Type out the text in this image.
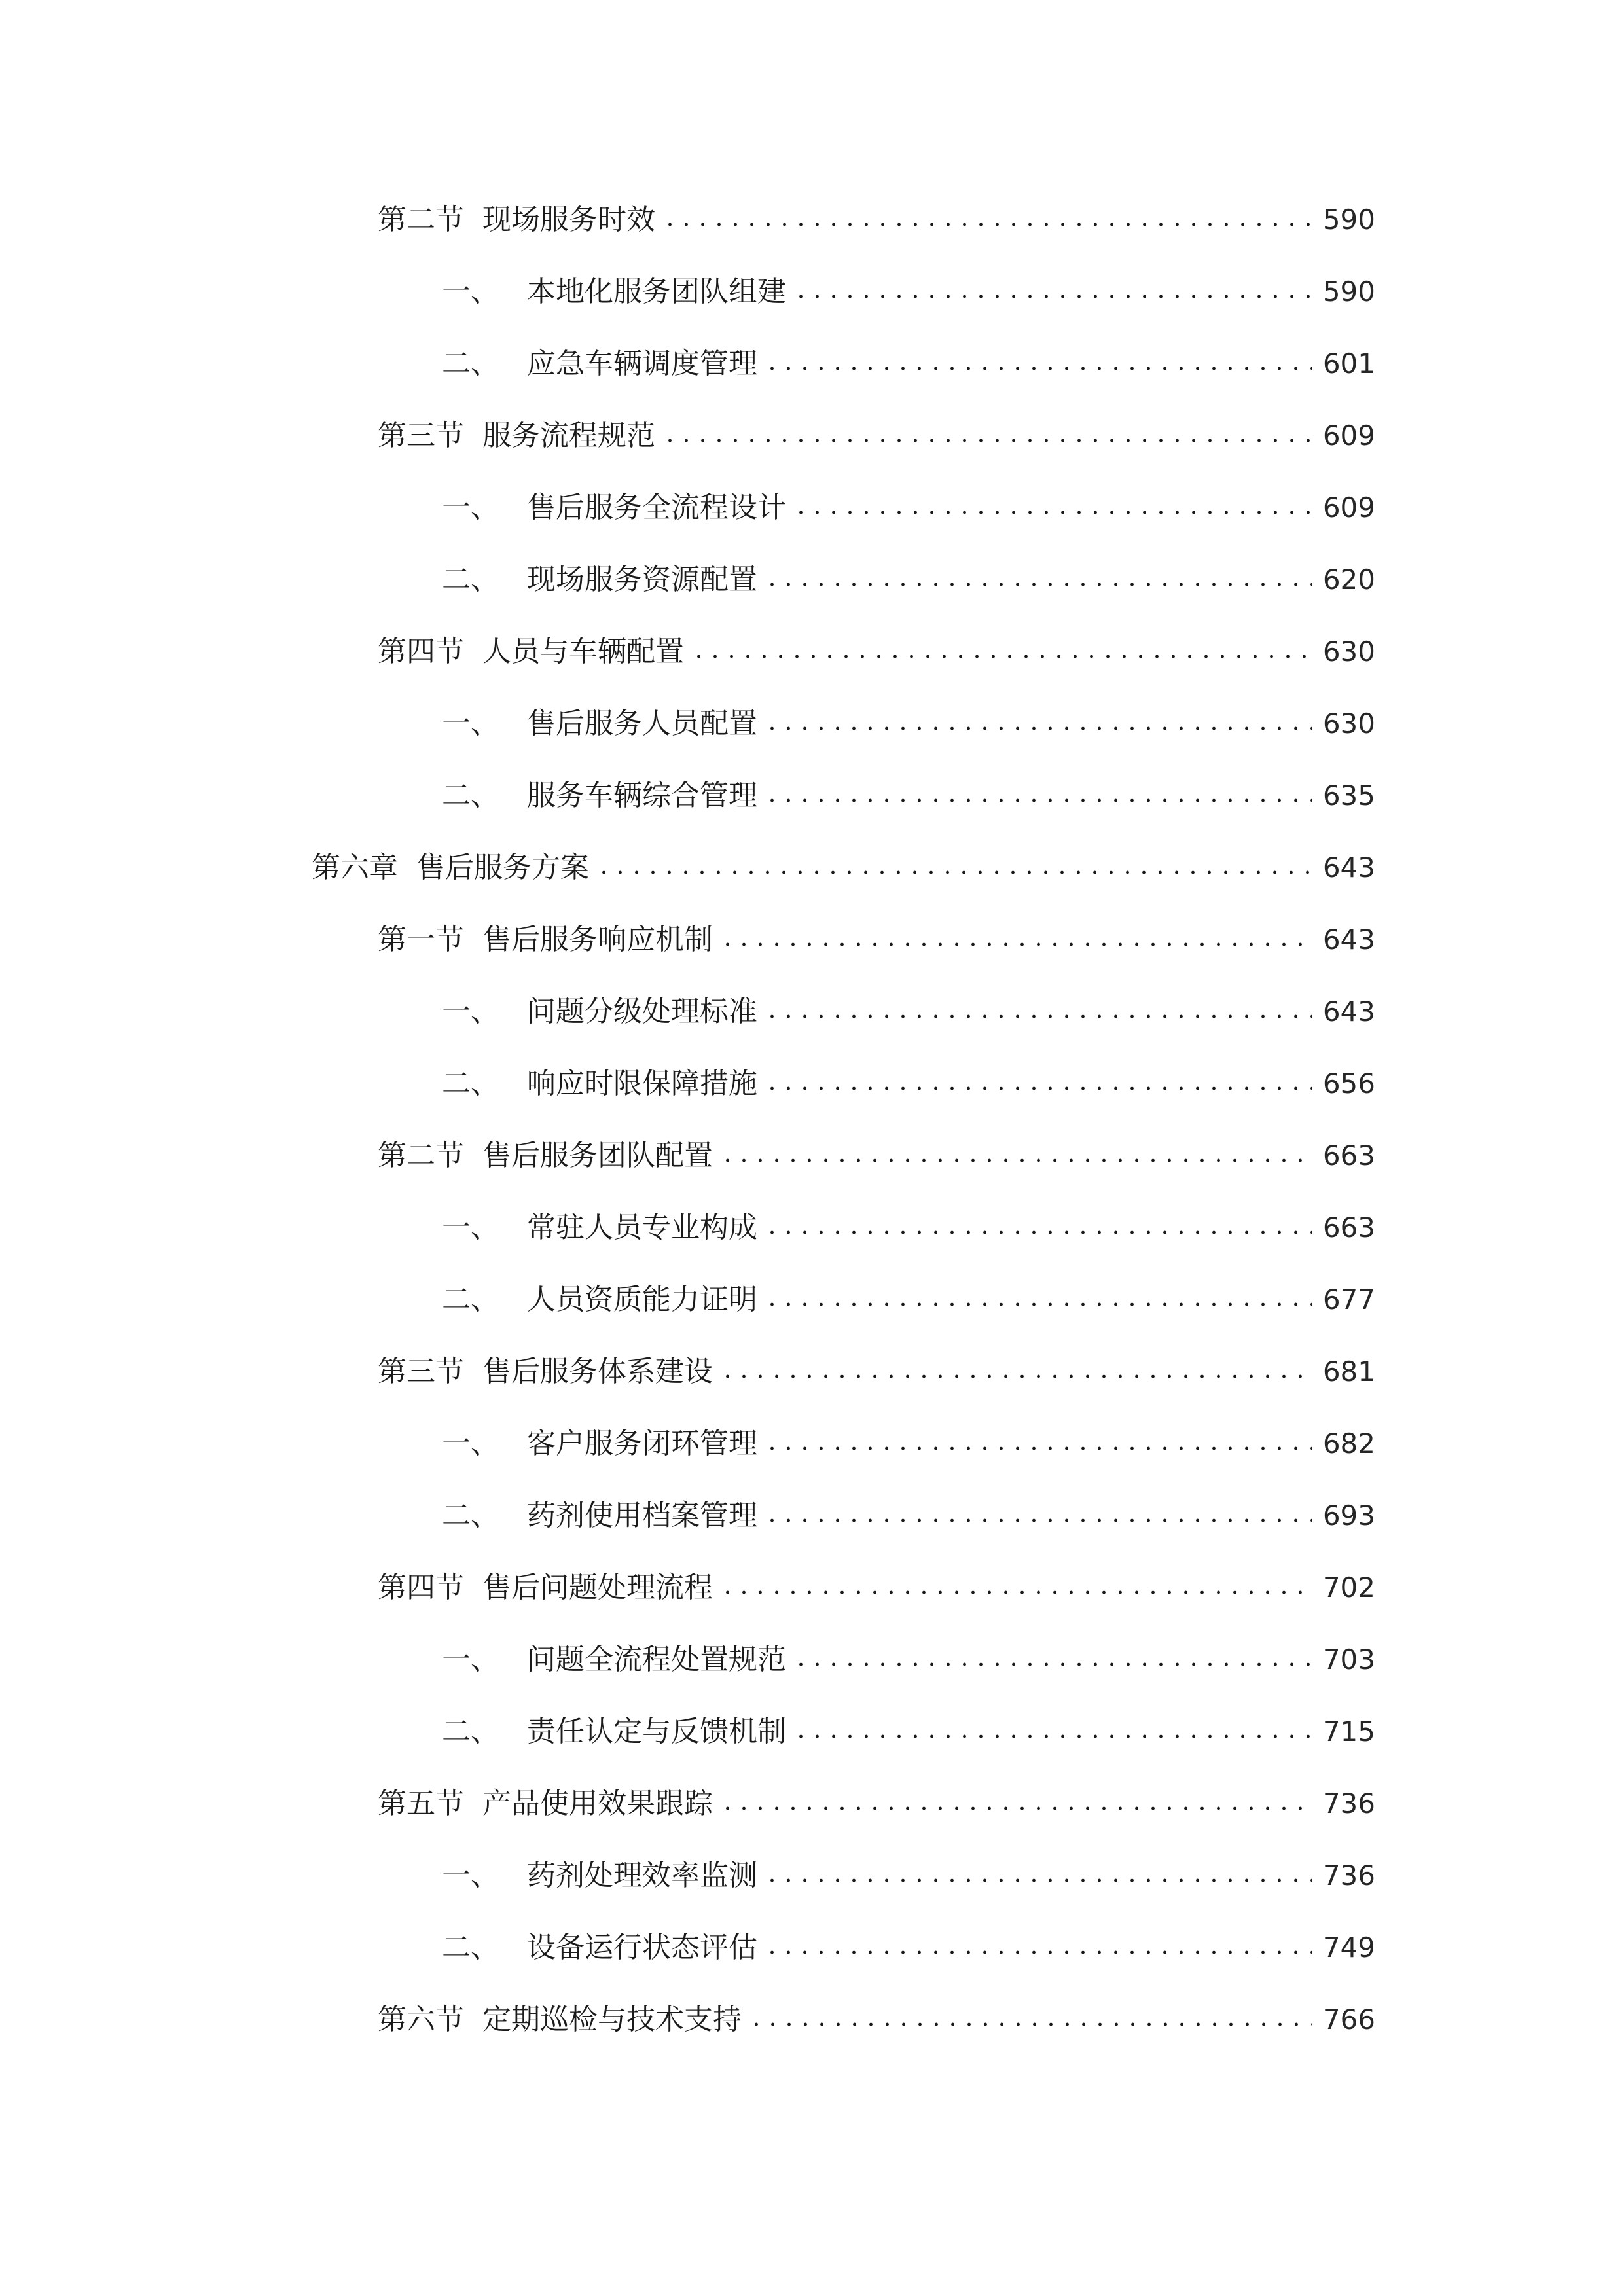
第二节 现场服务时效	590
一、 本地化服务团队组建	590
二、 应急车辆调度管理	601
第三节 服务流程规范	609
一、 售后服务全流程设计	609
二、 现场服务资源配置	620
第四节 人员与车辆配置	630
一、 售后服务人员配置	630
二、 服务车辆综合管理	635
第六章 售后服务方案	643
第一节 售后服务响应机制	643
一、 问题分级处理标准	643
二、 响应时限保障措施	656
第二节 售后服务团队配置	663
一、 常驻人员专业构成	663
二、 人员资质能力证明	677
第三节 售后服务体系建设	681
一、 客户服务闭环管理	682
二、 药剂使用档案管理	693
第四节 售后问题处理流程	702
一、 问题全流程处置规范	703
二、 责任认定与反馈机制	715
第五节 产品使用效果跟踪	736
一、 药剂处理效率监测	736
二、 设备运行状态评估	749
第六节 定期巡检与技术支持	766
